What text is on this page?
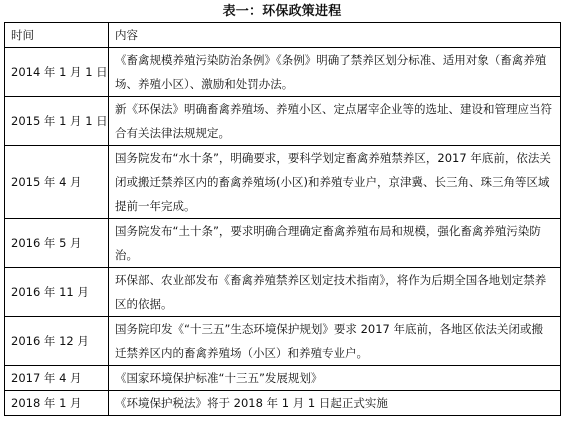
表一：环保政策进程
时间	内容
2014 年 1 月 1 日	《畜禽规模养殖污染防治条例》《条例》明确了禁养区划分标准、适用对象（畜禽养殖场、养殖小区）、激励和处罚办法。
2015 年 1 月 1 日	新《环保法》明确畜禽养殖场、养殖小区、定点屠宰企业等的选址、建设和管理应当符合有关法律法规规定。
2015 年 4 月	国务院发布“水十条”，明确要求，要科学划定畜禽养殖禁养区，2017 年底前，依法关闭或搬迁禁养区内的畜禽养殖场(小区)和养殖专业户，京津冀、长三角、珠三角等区域提前一年完成。
2016 年 5 月	国务院发布“土十条”，要求明确合理确定畜禽养殖布局和规模，强化畜禽养殖污染防治。
2016 年 11 月	环保部、农业部发布《畜禽养殖禁养区划定技术指南》，将作为后期全国各地划定禁养区的依据。
2016 年 12 月	国务院印发《“十三五”生态环境保护规划》要求 2017 年底前，各地区依法关闭或搬迁禁养区内的畜禽养殖场（小区）和养殖专业户。
2017 年 4 月	《国家环境保护标准“十三五”发展规划》
2018 年 1 月	《环境保护税法》将于 2018 年 1 月 1 日起正式实施
